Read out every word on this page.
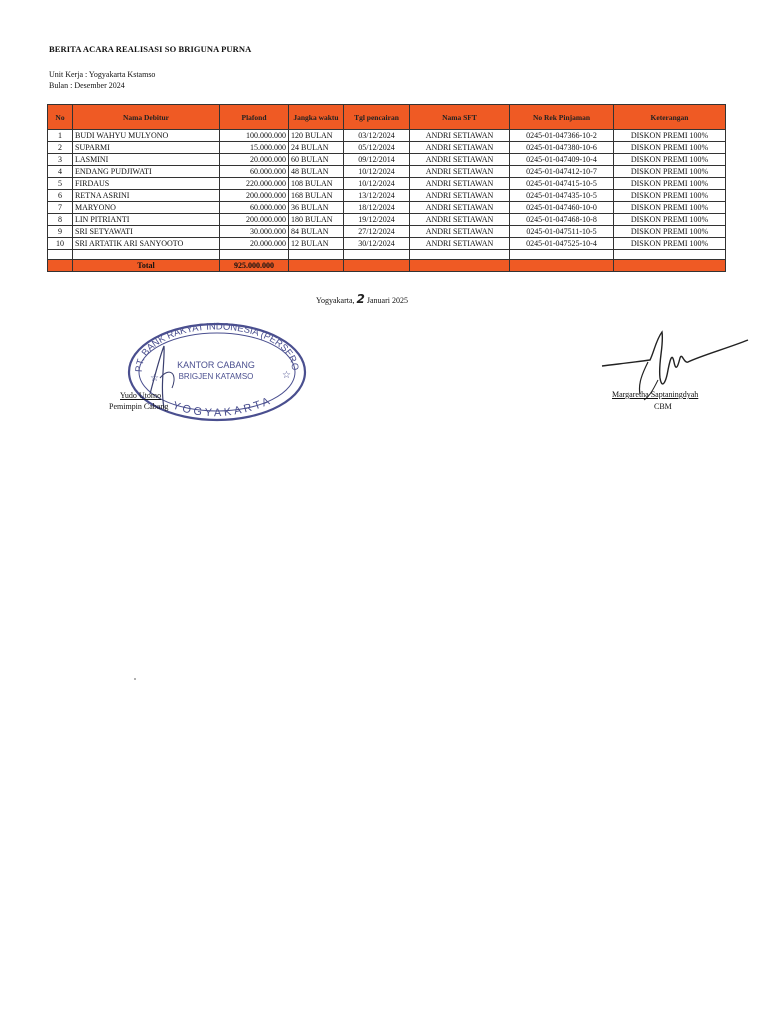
BERITA ACARA REALISASI SO BRIGUNA PURNA
Unit Kerja : Yogyakarta Kstamso
Bulan : Desember 2024
No	Nama Debitur	Plafond	Jangka waktu	Tgl pencairan	Nama SFT	No Rek Pinjaman	Keterangan
1	BUDI WAHYU MULYONO	100.000.000	120 BULAN	03/12/2024	ANDRI SETIAWAN	0245-01-047366-10-2	DISKON PREMI 100%
2	SUPARMI	15.000.000	24 BULAN	05/12/2024	ANDRI SETIAWAN	0245-01-047380-10-6	DISKON PREMI 100%
3	LASMINI	20.000.000	60 BULAN	09/12/2014	ANDRI SETIAWAN	0245-01-047409-10-4	DISKON PREMI 100%
4	ENDANG PUDJIWATI	60.000.000	48 BULAN	10/12/2024	ANDRI SETIAWAN	0245-01-047412-10-7	DISKON PREMI 100%
5	FIRDAUS	220.000.000	108 BULAN	10/12/2024	ANDRI SETIAWAN	0245-01-047415-10-5	DISKON PREMI 100%
6	RETNA ASRINI	200.000.000	168 BULAN	13/12/2024	ANDRI SETIAWAN	0245-01-047435-10-5	DISKON PREMI 100%
7	MARYONO	60.000.000	36 BULAN	18/12/2024	ANDRI SETIAWAN	0245-01-047460-10-0	DISKON PREMI 100%
8	LIN PITRIANTI	200.000.000	180 BULAN	19/12/2024	ANDRI SETIAWAN	0245-01-047468-10-8	DISKON PREMI 100%
9	SRI SETYAWATI	30.000.000	84 BULAN	27/12/2024	ANDRI SETIAWAN	0245-01-047511-10-5	DISKON PREMI 100%
10	SRI ARTATIK ARI SANYOOTO	20.000.000	12 BULAN	30/12/2024	ANDRI SETIAWAN	0245-01-047525-10-4	DISKON PREMI 100%

	Total	925.000.000					
Yogyakarta, 2 Januari 2025
PT. BANK RAKYAT INDONESIA (PERSERO
KANTOR CABANG
BRIGJEN KATAMSO
YOGYAKARTA
☆	☆
Yudo Utomo
Pemimpin Cabang
Margaretha Saptaningdyah
CBM
